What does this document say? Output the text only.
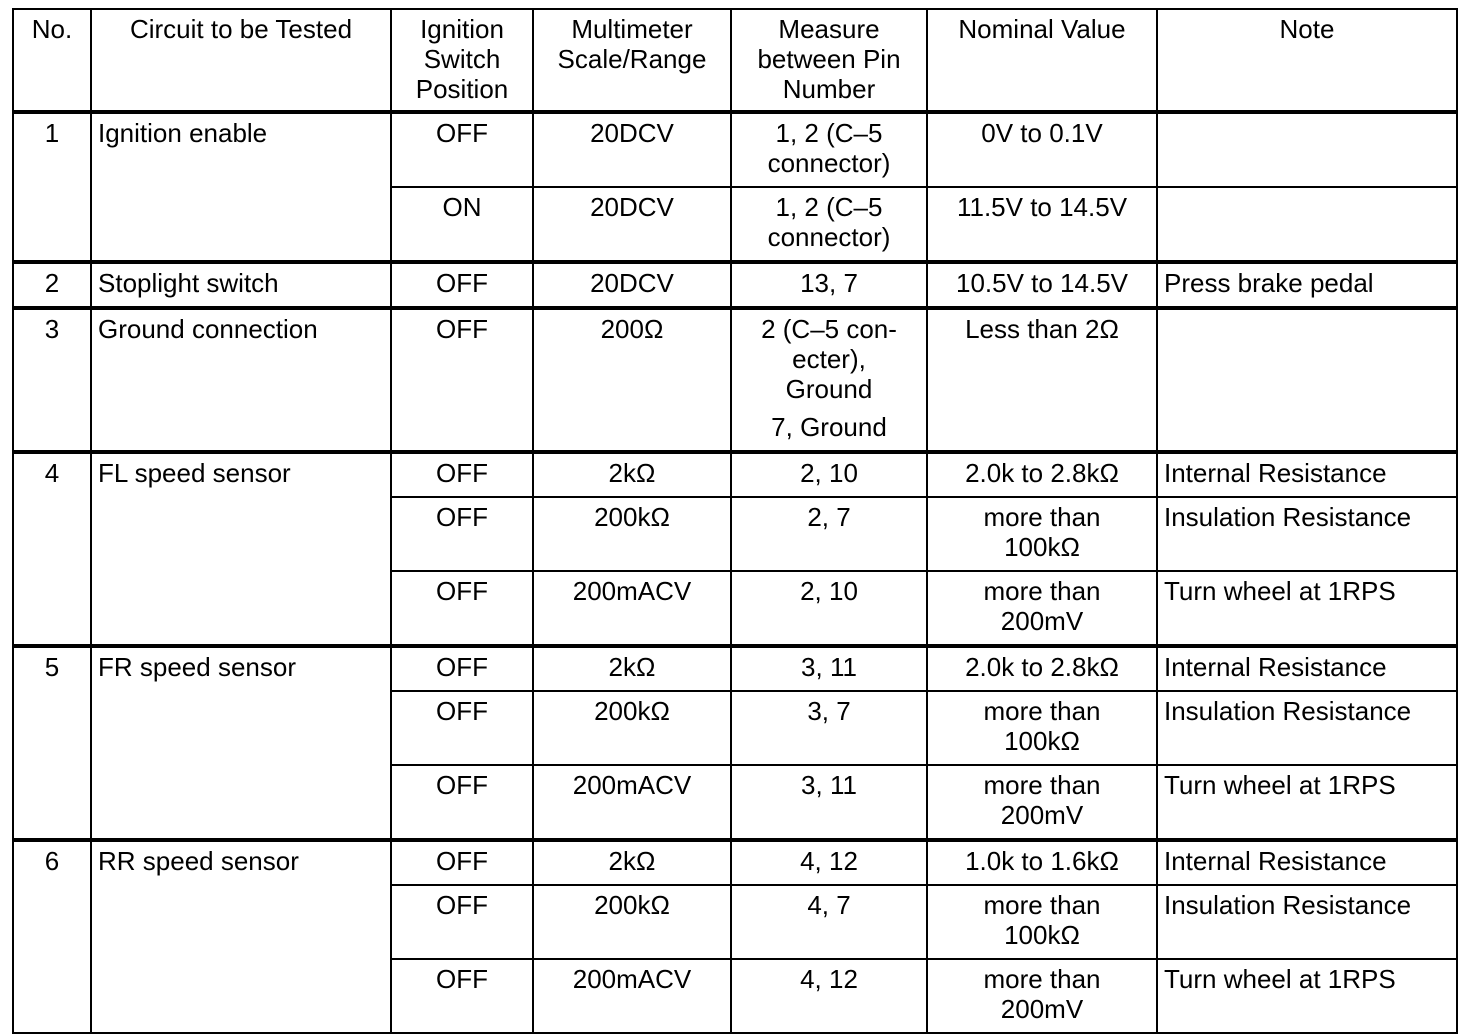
No.	Circuit to be Tested	Ignition
Switch
Position	Multimeter
Scale/Range	Measure
between Pin
Number	Nominal Value	Note
1	Ignition enable	OFF	20DCV	1, 2 (C–5
connector)	0V to 0.1V	

		ON	20DCV	1, 2 (C–5
connector)	11.5V to 14.5V	

2	Stoplight switch	OFF	20DCV	13, 7	10.5V to 14.5V	Press brake pedal
3	Ground connection	OFF	200Ω	2 (C–5 con-
ecter),
Ground
7, Ground	Less than 2Ω	

4	FL speed sensor	OFF	2kΩ	2, 10	2.0k to 2.8kΩ	Internal Resistance
		OFF	200kΩ	2, 7	more than
100kΩ	Insulation Resistance
		OFF	200mACV	2, 10	more than
200mV	Turn wheel at 1RPS
5	FR speed sensor	OFF	2kΩ	3, 11	2.0k to 2.8kΩ	Internal Resistance
		OFF	200kΩ	3, 7	more than
100kΩ	Insulation Resistance
		OFF	200mACV	3, 11	more than
200mV	Turn wheel at 1RPS
6	RR speed sensor	OFF	2kΩ	4, 12	1.0k to 1.6kΩ	Internal Resistance
		OFF	200kΩ	4, 7	more than
100kΩ	Insulation Resistance
		OFF	200mACV	4, 12	more than
200mV	Turn wheel at 1RPS
